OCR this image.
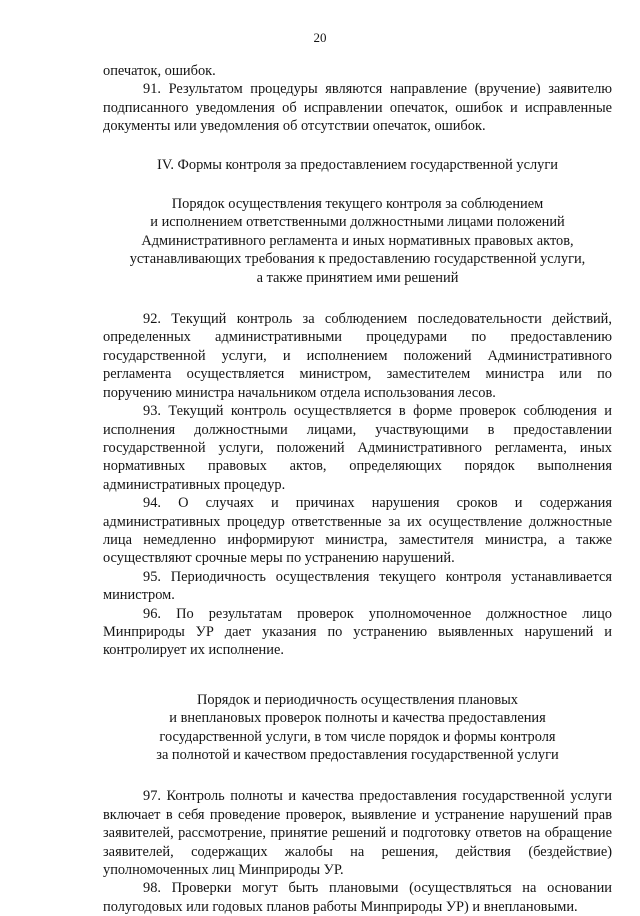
20

опечаток, ошибок.

91. Результатом процедуры являются направление (вручение) заявителю подписанного уведомления об исправлении опечаток, ошибок и исправленные документы или уведомления об отсутствии опечаток, ошибок.

IV. Формы контроля за предоставлением государственной услуги

Порядок осуществления текущего контроля за соблюдением
и исполнением ответственными должностными лицами положений
Административного регламента и иных нормативных правовых актов,
устанавливающих требования к предоставлению государственной услуги,
а также принятием ими решений

92. Текущий контроль за соблюдением последовательности действий, определенных административными процедурами по предоставлению государственной услуги, и исполнением положений Административного регламента осуществляется министром, заместителем министра или по поручению министра начальником отдела использования лесов.

93. Текущий контроль осуществляется в форме проверок соблюдения и исполнения должностными лицами, участвующими в предоставлении государственной услуги, положений Административного регламента, иных нормативных правовых актов, определяющих порядок выполнения административных процедур.

94. О случаях и причинах нарушения сроков и содержания административных процедур ответственные за их осуществление должностные лица немедленно информируют министра, заместителя министра, а также осуществляют срочные меры по устранению нарушений.

95. Периодичность осуществления текущего контроля устанавливается министром.

96. По результатам проверок уполномоченное должностное лицо Минприроды УР дает указания по устранению выявленных нарушений и контролирует их исполнение.

Порядок и периодичность осуществления плановых
и внеплановых проверок полноты и качества предоставления
государственной услуги, в том числе порядок и формы контроля
за полнотой и качеством предоставления государственной услуги

97. Контроль полноты и качества предоставления государственной услуги включает в себя проведение проверок, выявление и устранение нарушений прав заявителей, рассмотрение, принятие решений и подготовку ответов на обращение заявителей, содержащих жалобы на решения, действия (бездействие) уполномоченных лиц Минприроды УР.

98. Проверки могут быть плановыми (осуществляться на основании полугодовых или годовых планов работы Минприроды УР) и внеплановыми.
